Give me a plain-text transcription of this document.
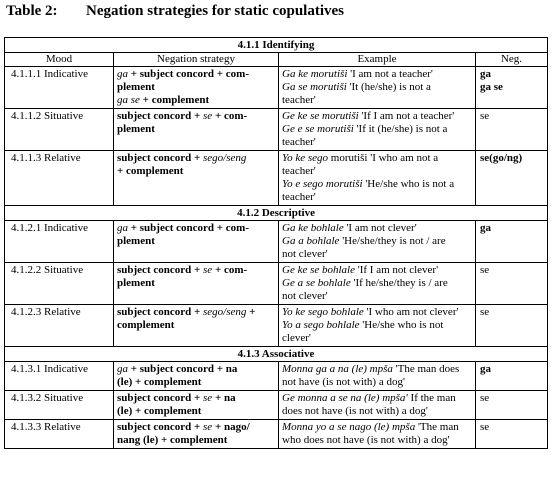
Table 2: Negation strategies for static copulatives
4.1.1 Identifying			
Mood	Negation strategy	Example	Neg.
4.1.1.1 Indicative	ga + subject concord + com-
plement
ga se + complement	Ga ke morutiši 'I am not a teacher'
Ga se morutiši 'It (he/she) is not a
teacher'	ga
ga se

4.1.1.2 Situative	subject concord + se + com-
plement	Ge ke se morutiši 'If I am not a teacher'
Ge e se morutiši 'If it (he/she) is not a
teacher'	se

4.1.1.3 Relative	subject concord + sego/seng
+ complement	Yo ke sego morutiši 'I who am not a
teacher'
Yo e sego morutiši 'He/she who is not a
teacher'	se(go/ng)

4.1.2 Descriptive			
4.1.2.1 Indicative	ga + subject concord + com-
plement	Ga ke bohlale 'I am not clever'
Ga a bohlale 'He/she/they is not / are
not clever'	ga

4.1.2.2 Situative	subject concord + se + com-
plement	Ge ke se bohlale 'If I am not clever'
Ge a se bohlale 'If he/she/they is / are
not clever'	se

4.1.2.3 Relative	subject concord + sego/seng +
complement	Yo ke sego bohlale 'I who am not clever'
Yo a sego bohlale 'He/she who is not
clever'	se

4.1.3 Associative			
4.1.3.1 Indicative	ga + subject concord + na
(le) + complement	Monna ga a na (le) mpša 'The man does
not have (is not with) a dog'	ga

4.1.3.2 Situative	subject concord + se + na
(le) + complement	Ge monna a se na (le) mpša' If the man
does not have (is not with) a dog'	se

4.1.3.3 Relative	subject concord + se + nago/
nang (le) + complement	Monna yo a se nago (le) mpša 'The man
who does not have (is not with) a dog'	se
